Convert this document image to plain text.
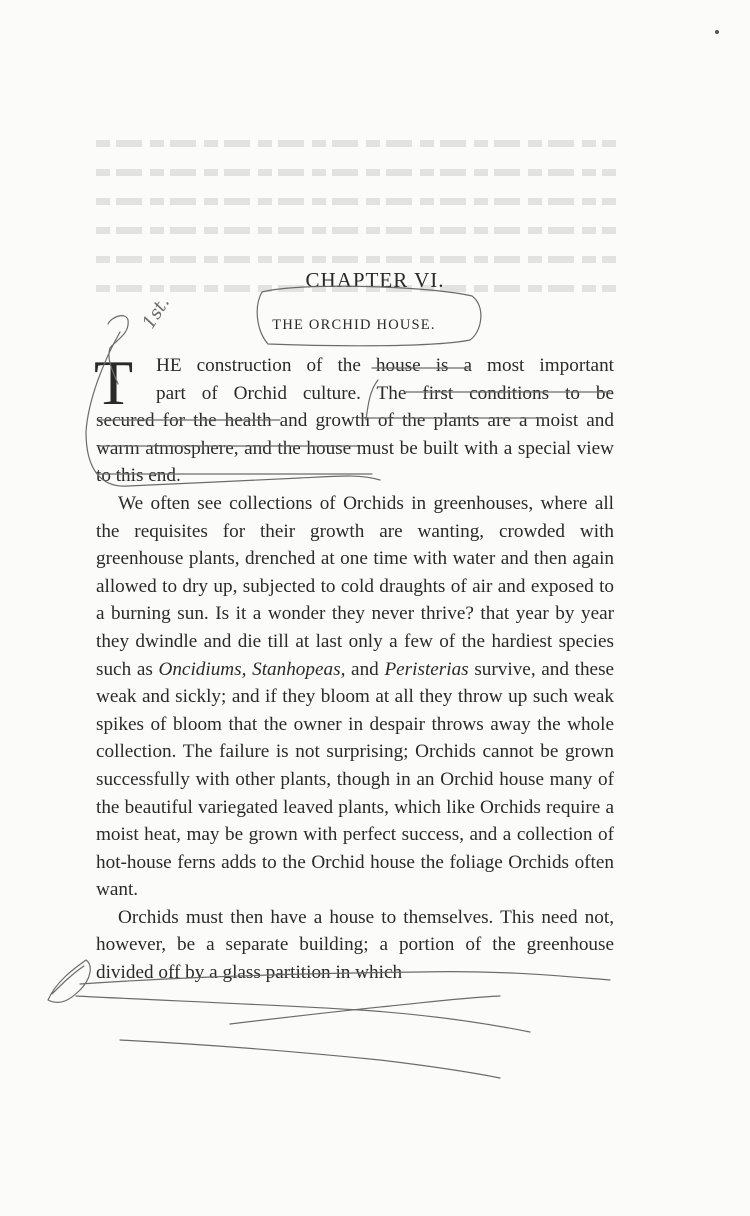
CHAPTER VI.
THE ORCHID HOUSE.

T	HE construction of the house is a most important
part of Orchid culture. The first conditions to be
secured for the health and growth of the plants are a moist and warm atmosphere, and the house must be built with a special view to this end.

We often see collections of Orchids in greenhouses, where all the requisites for their growth are wanting, crowded with greenhouse plants, drenched at one time with water and then again allowed to dry up, subjected to cold draughts of air and exposed to a burning sun. Is it a wonder they never thrive? that year by year they dwindle and die till at last only a few of the hardiest species such as Oncidiums, Stanhopeas, and Peristerias survive, and these weak and sickly; and if they bloom at all they throw up such weak spikes of bloom that the owner in despair throws away the whole collection. The failure is not surprising; Orchids cannot be grown successfully with other plants, though in an Orchid house many of the beautiful variegated leaved plants, which like Orchids require a moist heat, may be grown with perfect success, and a collection of hot-house ferns adds to the Orchid house the foliage Orchids often want.

Orchids must then have a house to themselves. This need not, however, be a separate building; a portion of the greenhouse divided off by a glass partition in which

1st.
